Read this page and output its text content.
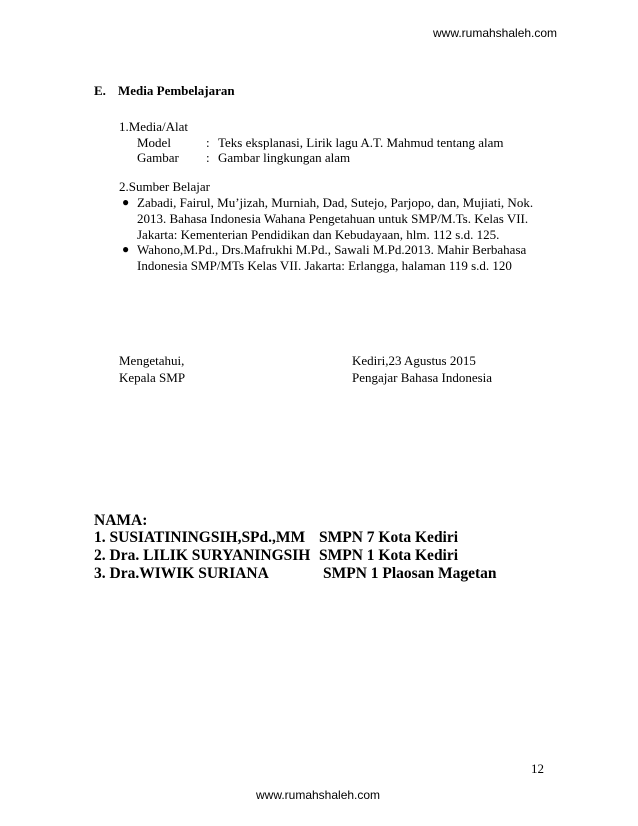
www.rumahshaleh.com
E. Media Pembelajaran
1.Media/Alat
Model	: Teks eksplanasi, Lirik lagu A.T. Mahmud tentang alam
Gambar : Gambar lingkungan alam
2.Sumber Belajar
● Zabadi, Fairul, Mu’jizah, Murniah, Dad, Sutejo, Parjopo, dan, Mujiati, Nok.
2013. Bahasa Indonesia Wahana Pengetahuan untuk SMP/M.Ts. Kelas VII.
Jakarta: Kementerian Pendidikan dan Kebudayaan, hlm. 112 s.d. 125.
● Wahono,M.Pd., Drs.Mafrukhi M.Pd., Sawali M.Pd.2013. Mahir Berbahasa
Indonesia SMP/MTs Kelas VII. Jakarta: Erlangga, halaman 119 s.d. 120
Mengetahui,
Kepala SMP
Kediri,23 Agustus 2015
Pengajar Bahasa Indonesia
NAMA:
1. SUSIATININGSIH,SPd.,MM SMPN 7 Kota Kediri
2. Dra. LILIK SURYANINGSIH SMPN 1 Kota Kediri
3. Dra.WIWIK SURIANA	SMPN 1 Plaosan Magetan
12
www.rumahshaleh.com
